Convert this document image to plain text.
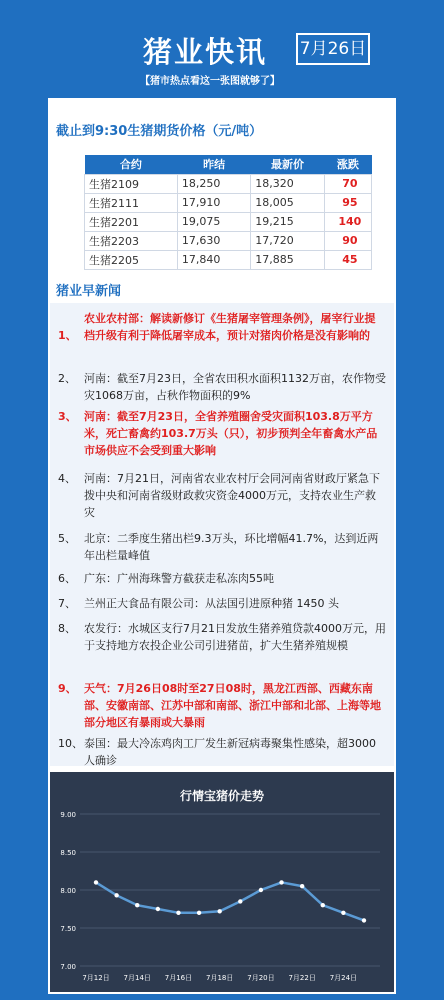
猪业快讯	7月26日
【猪市热点看这一张图就够了】
截止到9:30生猪期货价格（元/吨）
合约	昨结	最新价	涨跌
生猪2109	18,250	18,320	70
生猪2111	17,910	18,005	95
生猪2201	19,075	19,215	140
生猪2203	17,630	17,720	90
生猪2205	17,840	17,885	45
猪业早新闻
1、
农业农村部：解读新修订《生猪屠宰管理条例》，屠宰行业提档升级有利于降低屠宰成本，预计对猪肉价格是没有影响的
2、 河南：截至7月23日，全省农田积水面积1132万亩，农作物受灾1068万亩，占秋作物面积的9%
3、 河南：截至7月23日，全省养殖圈舍受灾面积103.8万平方米，死亡畜禽约103.7万头（只），初步预判全年畜禽水产品市场供应不会受到重大影响
4、 河南：7月21日，河南省农业农村厅会同河南省财政厅紧急下拨中央和河南省级财政救灾资金4000万元，支持农业生产救灾
5、 北京：二季度生猪出栏9.3万头，环比增幅41.7%，达到近两年出栏量峰值
6、 广东：广州海珠警方截获走私冻肉55吨
7、 兰州正大食品有限公司：从法国引进原种猪 1450 头
8、 农发行：水城区支行7月21日发放生猪养殖贷款4000万元，用于支持地方农投企业公司引进猪苗，扩大生猪养殖规模
9、 天气：7月26日08时至27日08时，黑龙江西部、西藏东南部、安徽南部、江苏中部和南部、浙江中部和北部、上海等地部分地区有暴雨或大暴雨
10、 泰国：最大冷冻鸡肉工厂发生新冠病毒聚集性感染，超3000人确诊
行情宝猪价走势
9.00
8.50
8.00
7.50
7.00
7月12日 7月14日 7月16日 7月18日 7月20日 7月22日 7月24日
